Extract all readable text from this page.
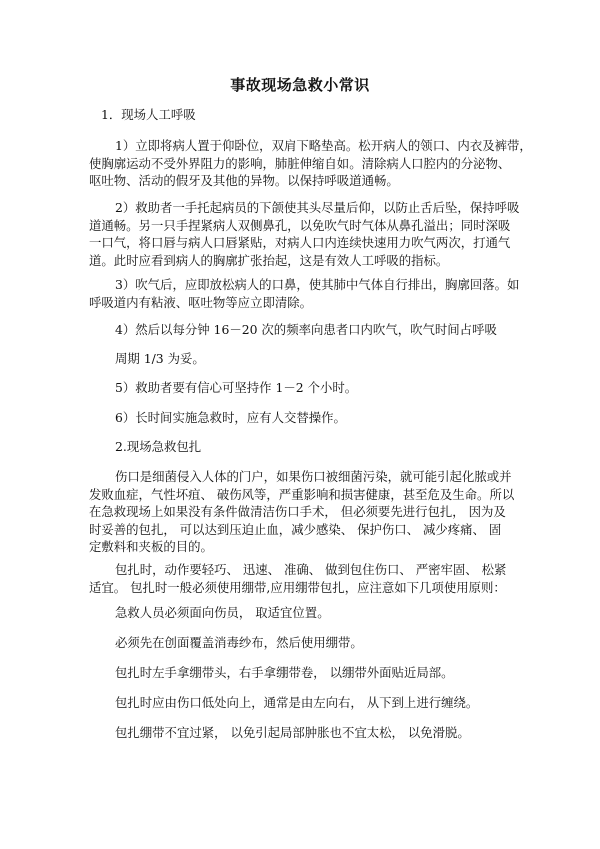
事故现场急救小常识

1．现场人工呼吸

1）立即将病人置于仰卧位，双肩下略垫高。松开病人的领口、内衣及裤带，
使胸廓运动不受外界阻力的影响，肺脏伸缩自如。清除病人口腔内的分泌物、
呕吐物、活动的假牙及其他的异物。以保持呼吸道通畅。

2）救助者一手托起病员的下颌使其头尽量后仰，以防止舌后坠，保持呼吸
道通畅。另一只手捏紧病人双侧鼻孔，以免吹气时气体从鼻孔溢出；同时深吸
一口气，将口唇与病人口唇紧贴，对病人口内连续快速用力吹气两次，打通气
道。此时应看到病人的胸廓扩张抬起，这是有效人工呼吸的指标。

3）吹气后，应即放松病人的口鼻，使其肺中气体自行排出，胸廓回落。如
呼吸道内有粘液、呕吐物等应立即清除。

4）然后以每分钟 16－20 次的频率向患者口内吹气，吹气时间占呼吸

周期 1/3 为妥。

5）救助者要有信心可坚持作 1－2 个小时。

6）长时间实施急救时，应有人交替操作。

2.现场急救包扎

伤口是细菌侵入人体的门户，如果伤口被细菌污染，就可能引起化脓或并
发败血症，气性坏疽、 破伤风等，严重影响和损害健康，甚至危及生命。所以
在急救现场上如果没有条件做清洁伤口手术， 但必须要先进行包扎， 因为及
时妥善的包扎， 可以达到压迫止血，减少感染、 保护伤口、 减少疼痛、 固
定敷料和夹板的目的。

包扎时，动作要轻巧、 迅速、 准确、 做到包住伤口、 严密牢固、 松紧
适宜。 包扎时一般必须使用绷带,应用绷带包扎，应注意如下几项使用原则：

急救人员必须面向伤员， 取适宜位置。

必须先在创面覆盖消毒纱布，然后使用绷带。

包扎时左手拿绷带头，右手拿绷带卷， 以绷带外面贴近局部。

包扎时应由伤口低处向上，通常是由左向右， 从下到上进行缠绕。

包扎绷带不宜过紧， 以免引起局部肿胀也不宜太松， 以免滑脱。
